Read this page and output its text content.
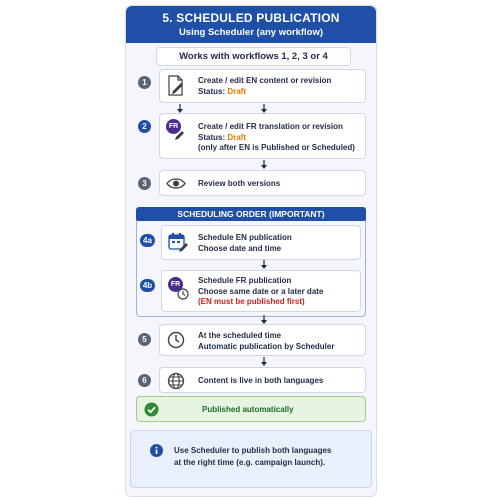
5. SCHEDULED PUBLICATION
Using Scheduler (any workflow)
Works with workflows 1, 2, 3 or 4
1	Create / edit EN content or revision
Status: Draft
2	FR	Create / edit FR translation or revision
Status: Draft
(only after EN is Published or Scheduled)
3	Review both versions
SCHEDULING ORDER (IMPORTANT)
4a	Schedule EN publication
Choose date and time
4b	FR	Schedule FR publication
Choose same date or a later date
(EN must be published first)
5	At the scheduled time
Automatic publication by Scheduler
6	Content is live in both languages
Published automatically
Use Scheduler to publish both languages
at the right time (e.g. campaign launch).
